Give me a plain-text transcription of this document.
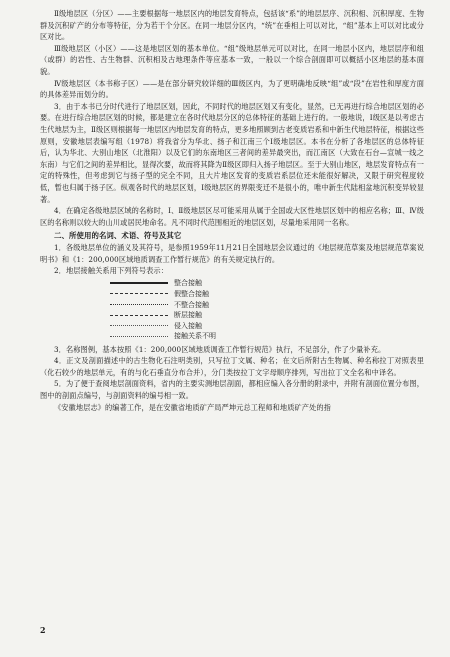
Ⅱ级地层区（分区）——主要根据每一地层区内的地层发育特点，包括该“系”的地层层序、沉积相、沉积厚度、生物群及沉积矿产的分布等特征，分为若干个分区。在同一地层分区内，“统”在垂相上可以对比，“组”基本上可以对比或分区对比。

Ⅲ级地层区（小区）——这是地层区划的基本单位。“组”级地层单元可以对比，在同一地层小区内，地层层序和组（或群）的岩性、古生物群、沉积相及古地理条件等应基本一致，一般以一个综合剖面即可以概括小区地层的基本面貌。

Ⅳ级地层区（本书称子区）——是在部分研究较详细的Ⅲ级区内，为了更明确地反映“组”或“段”在岩性和厚度方面的具体差异而划分的。

3．由于本书已分时代进行了地层区划，因此，不同时代的地层区划又有变化，显然，已无再进行综合地层区划的必要。在进行综合地层区划的时候，都是建立在各时代地层分区的总体特征的基础上进行的。一般地说，Ⅰ级区是以考虑古生代地层为主，Ⅱ级区则根据每一地层区内地层发育的特点，更多地照顾到古老变质岩系和中新生代地层特征，根据这些原则，安徽地层表编写组（1978）将我省分为华北、扬子和江南三个Ⅰ级地层区。本书在分析了各地层区的总体特征后，认为华北、大别山地区（北淮阳）以及它们的东南地区三者间的差异最突出，而江南区（大致在石台—宣城一线之东南）与它们之间的差异相比，显得次要，故而将其降为Ⅱ级区即归入扬子地层区。至于大别山地区，地层发育特点有一定的特殊性，但考虑到它与扬子型的完全不同，且大片地区发育的变质岩系层位还未能很好解决，又限于研究程度较低，暂也归属于扬子区。纵观各时代的地层区划，Ⅰ级地层区的界限变迁不是很小的，唯中新生代陆相盆地沉积变异较显著。

4．在确定各级地层区域的名称时，Ⅰ、Ⅱ级地层区尽可能采用从属于全国或大区性地层区划中的相应名称；Ⅲ、Ⅳ级区的名称则以较大的山川或居民地命名。凡不同时代范围相近的地层区划，尽量地采用同一名称。

二、所使用的名词、术语、符号及其它

1．各级地层单位的涵义及其符号，是参照1959年11月21日全国地层会议通过的《地层规范草案及地层规范草案说明书》和《1：200,000区域地质调查工作暂行规范》的有关规定执行的。

2．地层接触关系用下列符号表示：

整合接触
假整合接触
不整合接触
断层接触
侵入接触
接触关系不明

3．名称图例，基本按照《1：200,000区域地质调查工作暂行规范》执行，不足部分，作了少量补充。

4．正文及剖面描述中的古生物化石注明类别，只写拉丁文属、种名；在文后所附古生物属、种名称拉丁对照表里（化石较少的地层单元，有的与化石垂直分布合并），分门类按拉丁文字母顺序排列，写出拉丁文全名和中译名。

5．为了便于查阅地层剖面资料，省内的主要实测地层剖面，都相应编入各分册的附录中，并附有剖面位置分布图，图中的剖面点编号，与剖面资料的编号相一致。

《安徽地层志》的编著工作，是在安徽省地质矿产局严坤元总工程师和地质矿产处的指

2
